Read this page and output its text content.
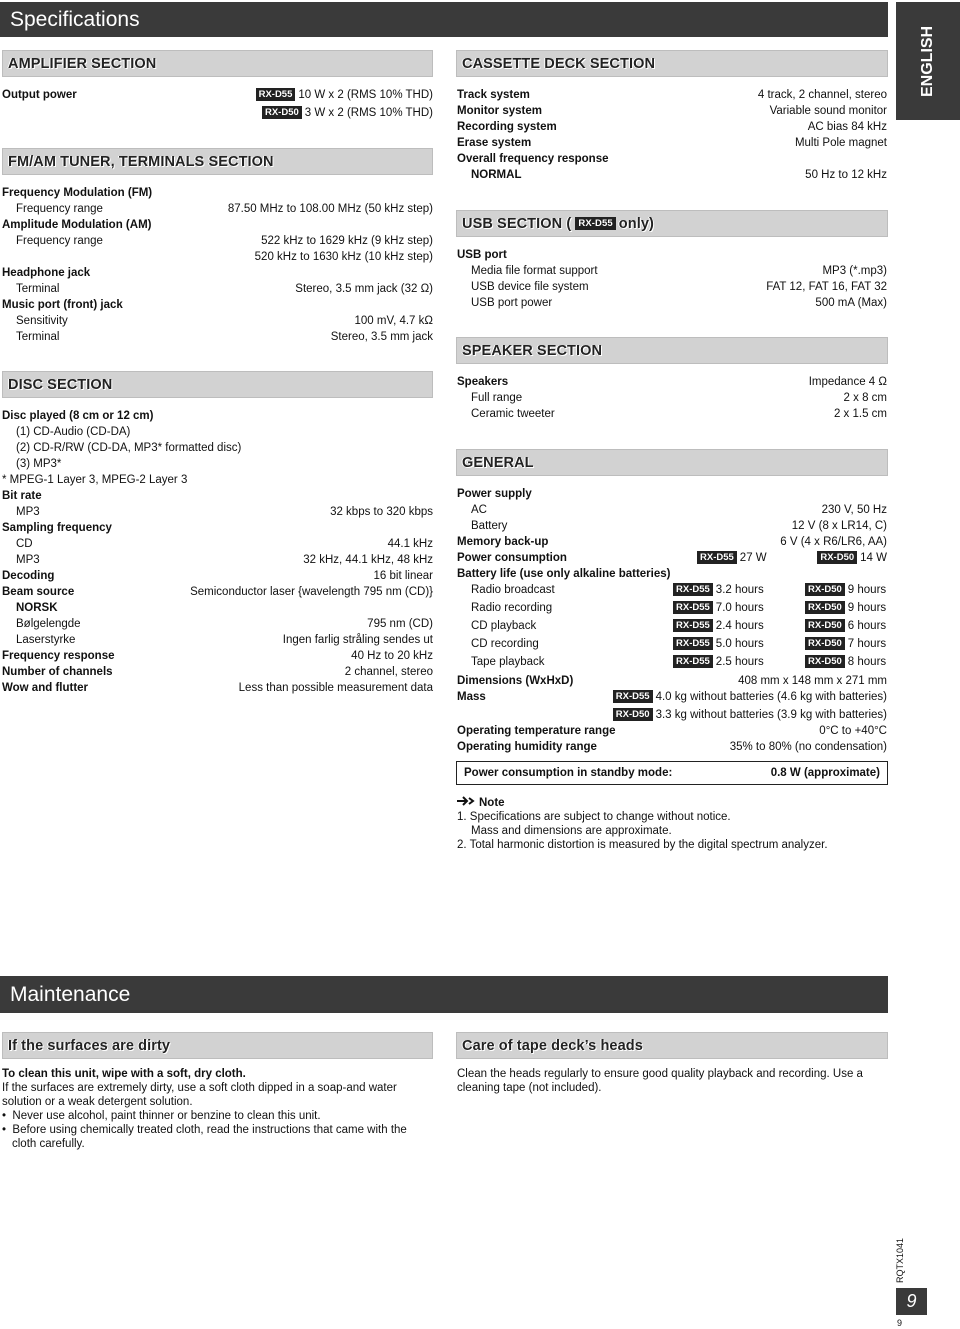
Specifications
ENGLISH
AMPLIFIER SECTION
Output power	RX-D55 10 W x 2 (RMS 10% THD)
RX-D50 3 W x 2 (RMS 10% THD)
FM/AM TUNER, TERMINALS SECTION
Frequency Modulation (FM)
Frequency range	87.50 MHz to 108.00 MHz (50 kHz step)
Amplitude Modulation (AM)
Frequency range	522 kHz to 1629 kHz (9 kHz step)
520 kHz to 1630 kHz (10 kHz step)
Headphone jack
Terminal	Stereo, 3.5 mm jack (32 Ω)
Music port (front) jack
Sensitivity	100 mV, 4.7 kΩ
Terminal	Stereo, 3.5 mm jack
DISC SECTION
Disc played (8 cm or 12 cm)
(1) CD-Audio (CD-DA)
(2) CD-R/RW (CD-DA, MP3* formatted disc)
(3) MP3*
* MPEG-1 Layer 3, MPEG-2 Layer 3
Bit rate
MP3	32 kbps to 320 kbps
Sampling frequency
CD	44.1 kHz
MP3	32 kHz, 44.1 kHz, 48 kHz
Decoding	16 bit linear
Beam source	Semiconductor laser {wavelength 795 nm (CD)}
NORSK
Bølgelengde	795 nm (CD)
Laserstyrke	Ingen farlig stråling sendes ut
Frequency response	40 Hz to 20 kHz
Number of channels	2 channel, stereo
Wow and flutter	Less than possible measurement data
CASSETTE DECK SECTION
Track system	4 track, 2 channel, stereo
Monitor system	Variable sound monitor
Recording system	AC bias 84 kHz
Erase system	Multi Pole magnet
Overall frequency response
NORMAL	50 Hz to 12 kHz
USB SECTION (
RX-D55 only)
USB port
Media file format support	MP3 (*.mp3)
USB device file system	FAT 12, FAT 16, FAT 32
USB port power	500 mA (Max)
SPEAKER SECTION
Speakers	Impedance 4 Ω
Full range	2 x 8 cm
Ceramic tweeter	2 x 1.5 cm
GENERAL
Power supply
AC	230 V, 50 Hz
Battery	12 V (8 x LR14, C)
Memory back-up	6 V (4 x R6/LR6, AA)
Power consumption	RX-D55 27 W	RX-D50 14 W
Battery life (use only alkaline batteries)
Radio broadcast	RX-D55 3.2 hours	RX-D50 9 hours
Radio recording	RX-D55 7.0 hours	RX-D50 9 hours
CD playback	RX-D55 2.4 hours	RX-D50 6 hours
CD recording	RX-D55 5.0 hours	RX-D50 7 hours
Tape playback	RX-D55 2.5 hours	RX-D50 8 hours
Dimensions (WxHxD)	408 mm x 148 mm x 271 mm
Mass	RX-D55 4.0 kg without batteries (4.6 kg with batteries)
RX-D50 3.3 kg without batteries (3.9 kg with batteries)
Operating temperature range	0°C to +40°C
Operating humidity range	35% to 80% (no condensation)
Power consumption in standby mode:	0.8 W (approximate)
Note
1. Specifications are subject to change without notice.
Mass and dimensions are approximate.
2. Total harmonic distortion is measured by the digital spectrum analyzer.
Maintenance
If the surfaces are dirty
To clean this unit, wipe with a soft, dry cloth.
If the surfaces are extremely dirty, use a soft cloth dipped in a soap-and water
solution or a weak detergent solution.
•  Never use alcohol, paint thinner or benzine to clean this unit.
•  Before using chemically treated cloth, read the instructions that came with the
cloth carefully.
Care of tape deck’s heads
Clean the heads regularly to ensure good quality playback and recording. Use a
cleaning tape (not included).
RQTX1041
9
9
